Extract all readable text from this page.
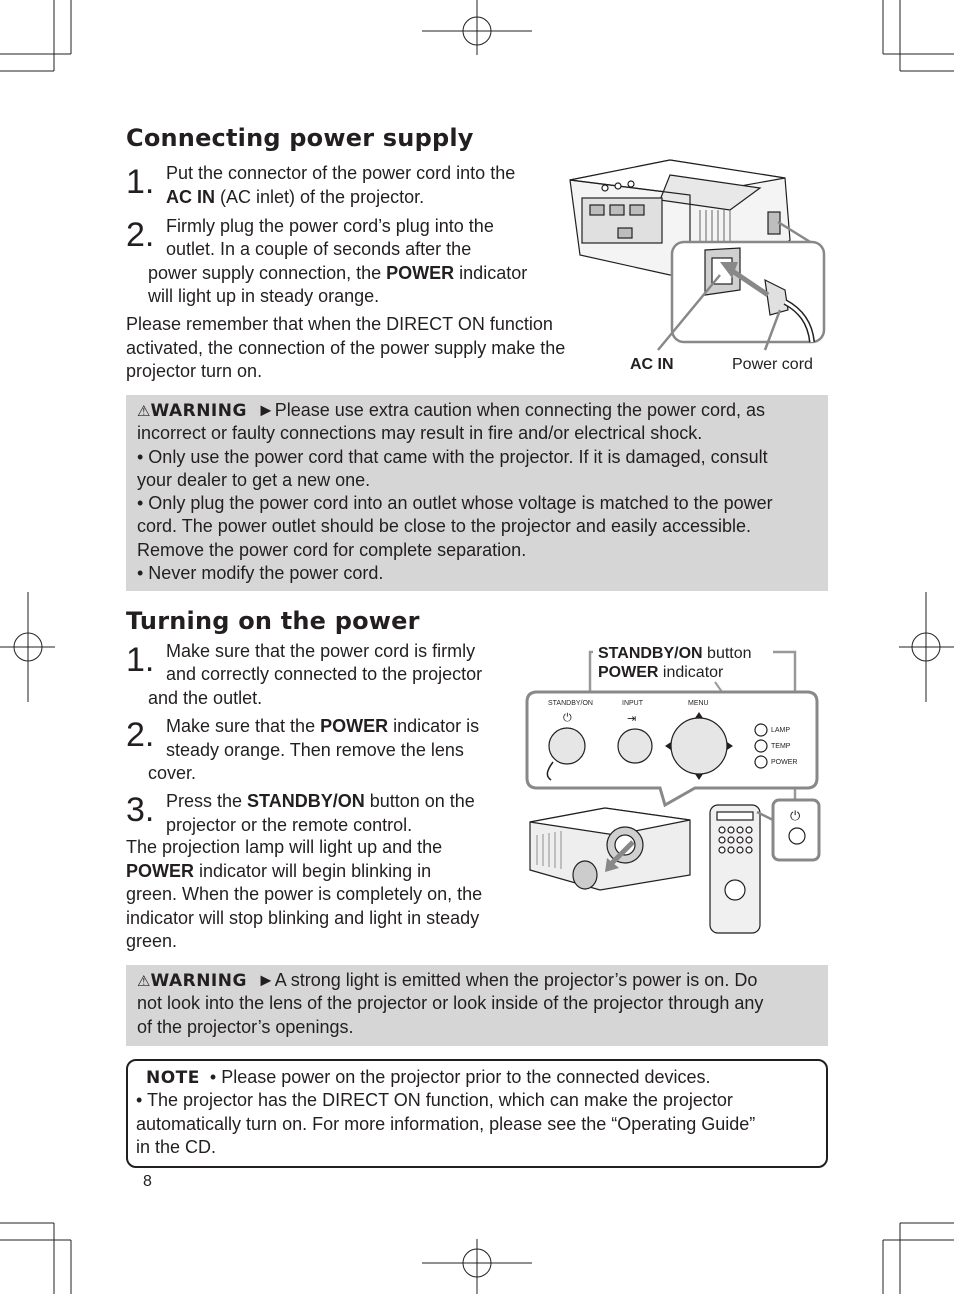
Connecting power supply
1. Put the connector of the power cord into the
AC IN (AC inlet) of the projector.
2. Firmly plug the power cord’s plug into the
outlet. In a couple of seconds after the
power supply connection, the POWER indicator
will light up in steady orange.
Please remember that when the DIRECT ON function
activated, the connection of the power supply make the
projector turn on.	AC IN	Power cord
⚠WARNING ►Please use extra caution when connecting the power cord, as
incorrect or faulty connections may result in fire and/or electrical shock.
• Only use the power cord that came with the projector. If it is damaged, consult
your dealer to get a new one.
• Only plug the power cord into an outlet whose voltage is matched to the power
cord. The power outlet should be close to the projector and easily accessible.
Remove the power cord for complete separation.
• Never modify the power cord.
Turning on the power
1. Make sure that the power cord is firmly
and correctly connected to the projector
and the outlet.
2. Make sure that the POWER indicator is
steady orange. Then remove the lens
cover.
3. Press the STANDBY/ON button on the
projector or the remote control.
The projection lamp will light up and the
POWER indicator will begin blinking in
green. When the power is completely on, the
indicator will stop blinking and light in steady
green.
STANDBY/ON button
POWER indicator
STANDBY/ON	INPUT	MENU
LAMP
TEMP
POWER
⏻	⇥
⏻
⚠WARNING ►A strong light is emitted when the projector’s power is on. Do
not look into the lens of the projector or look inside of the projector through any
of the projector’s openings.
NOTE • Please power on the projector prior to the connected devices.
• The projector has the DIRECT ON function, which can make the projector
automatically turn on. For more information, please see the “Operating Guide”
in the CD.
8
